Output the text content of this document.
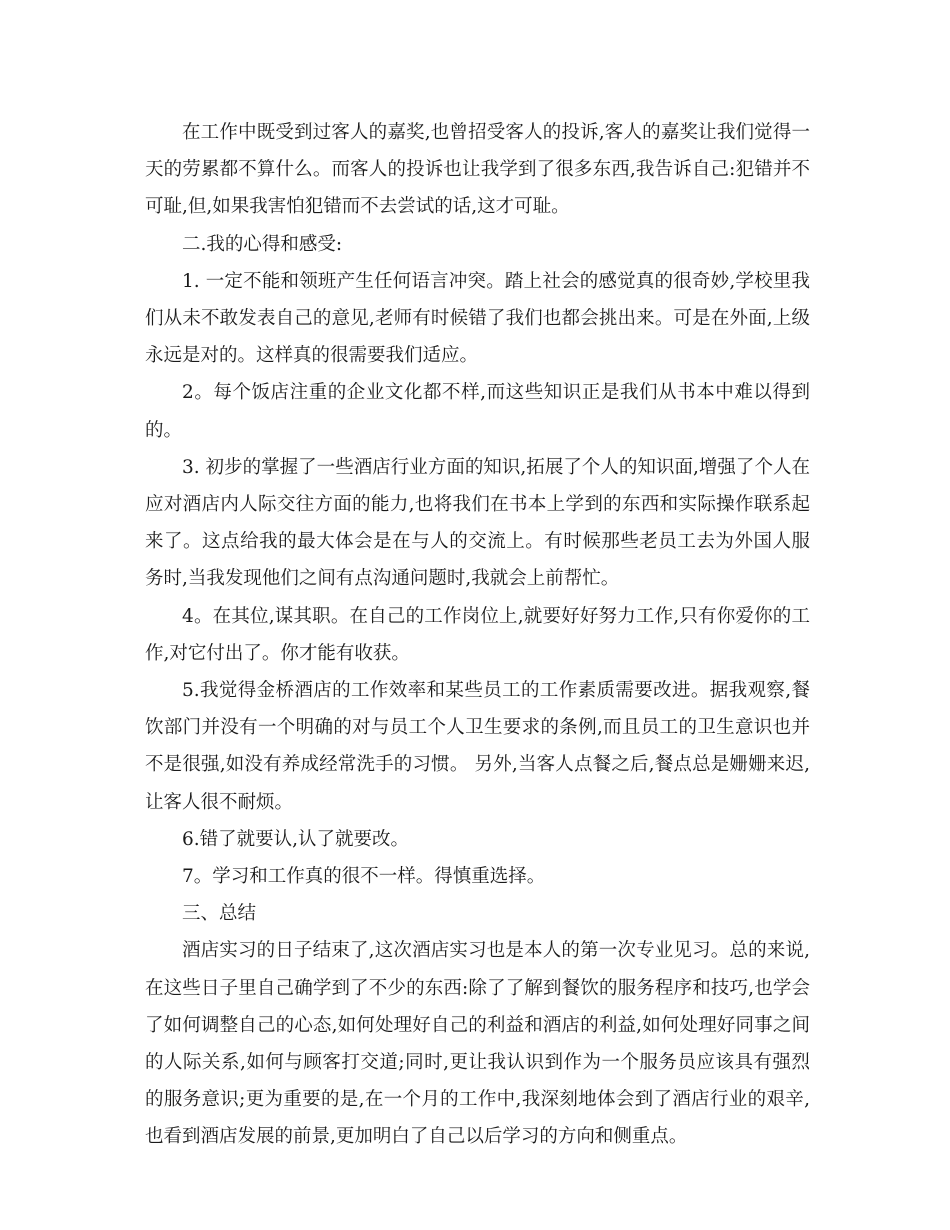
在工作中既受到过客人的嘉奖,也曾招受客人的投诉,客人的嘉奖让我们觉得一天的劳累都不算什么。而客人的投诉也让我学到了很多东西,我告诉自己:犯错并不可耻,但,如果我害怕犯错而不去尝试的话,这才可耻。

二.我的心得和感受:

1. 一定不能和领班产生任何语言冲突。踏上社会的感觉真的很奇妙,学校里我们从未不敢发表自己的意见,老师有时候错了我们也都会挑出来。可是在外面,上级永远是对的。这样真的很需要我们适应。

2。每个饭店注重的企业文化都不样,而这些知识正是我们从书本中难以得到的。

3. 初步的掌握了一些酒店行业方面的知识,拓展了个人的知识面,增强了个人在应对酒店内人际交往方面的能力,也将我们在书本上学到的东西和实际操作联系起来了。这点给我的最大体会是在与人的交流上。有时候那些老员工去为外国人服务时,当我发现他们之间有点沟通问题时,我就会上前帮忙。

4。在其位,谋其职。在自己的工作岗位上,就要好好努力工作,只有你爱你的工作,对它付出了。你才能有收获。

5.我觉得金桥酒店的工作效率和某些员工的工作素质需要改进。据我观察,餐饮部门并没有一个明确的对与员工个人卫生要求的条例,而且员工的卫生意识也并不是很强,如没有养成经常洗手的习惯。 另外,当客人点餐之后,餐点总是姗姗来迟,让客人很不耐烦。

6.错了就要认,认了就要改。

7。学习和工作真的很不一样。得慎重选择。

三、总结

酒店实习的日子结束了,这次酒店实习也是本人的第一次专业见习。总的来说,在这些日子里自己确学到了不少的东西:除了了解到餐饮的服务程序和技巧,也学会了如何调整自己的心态,如何处理好自己的利益和酒店的利益,如何处理好同事之间的人际关系,如何与顾客打交道;同时,更让我认识到作为一个服务员应该具有强烈的服务意识;更为重要的是,在一个月的工作中,我深刻地体会到了酒店行业的艰辛,也看到酒店发展的前景,更加明白了自己以后学习的方向和侧重点。
